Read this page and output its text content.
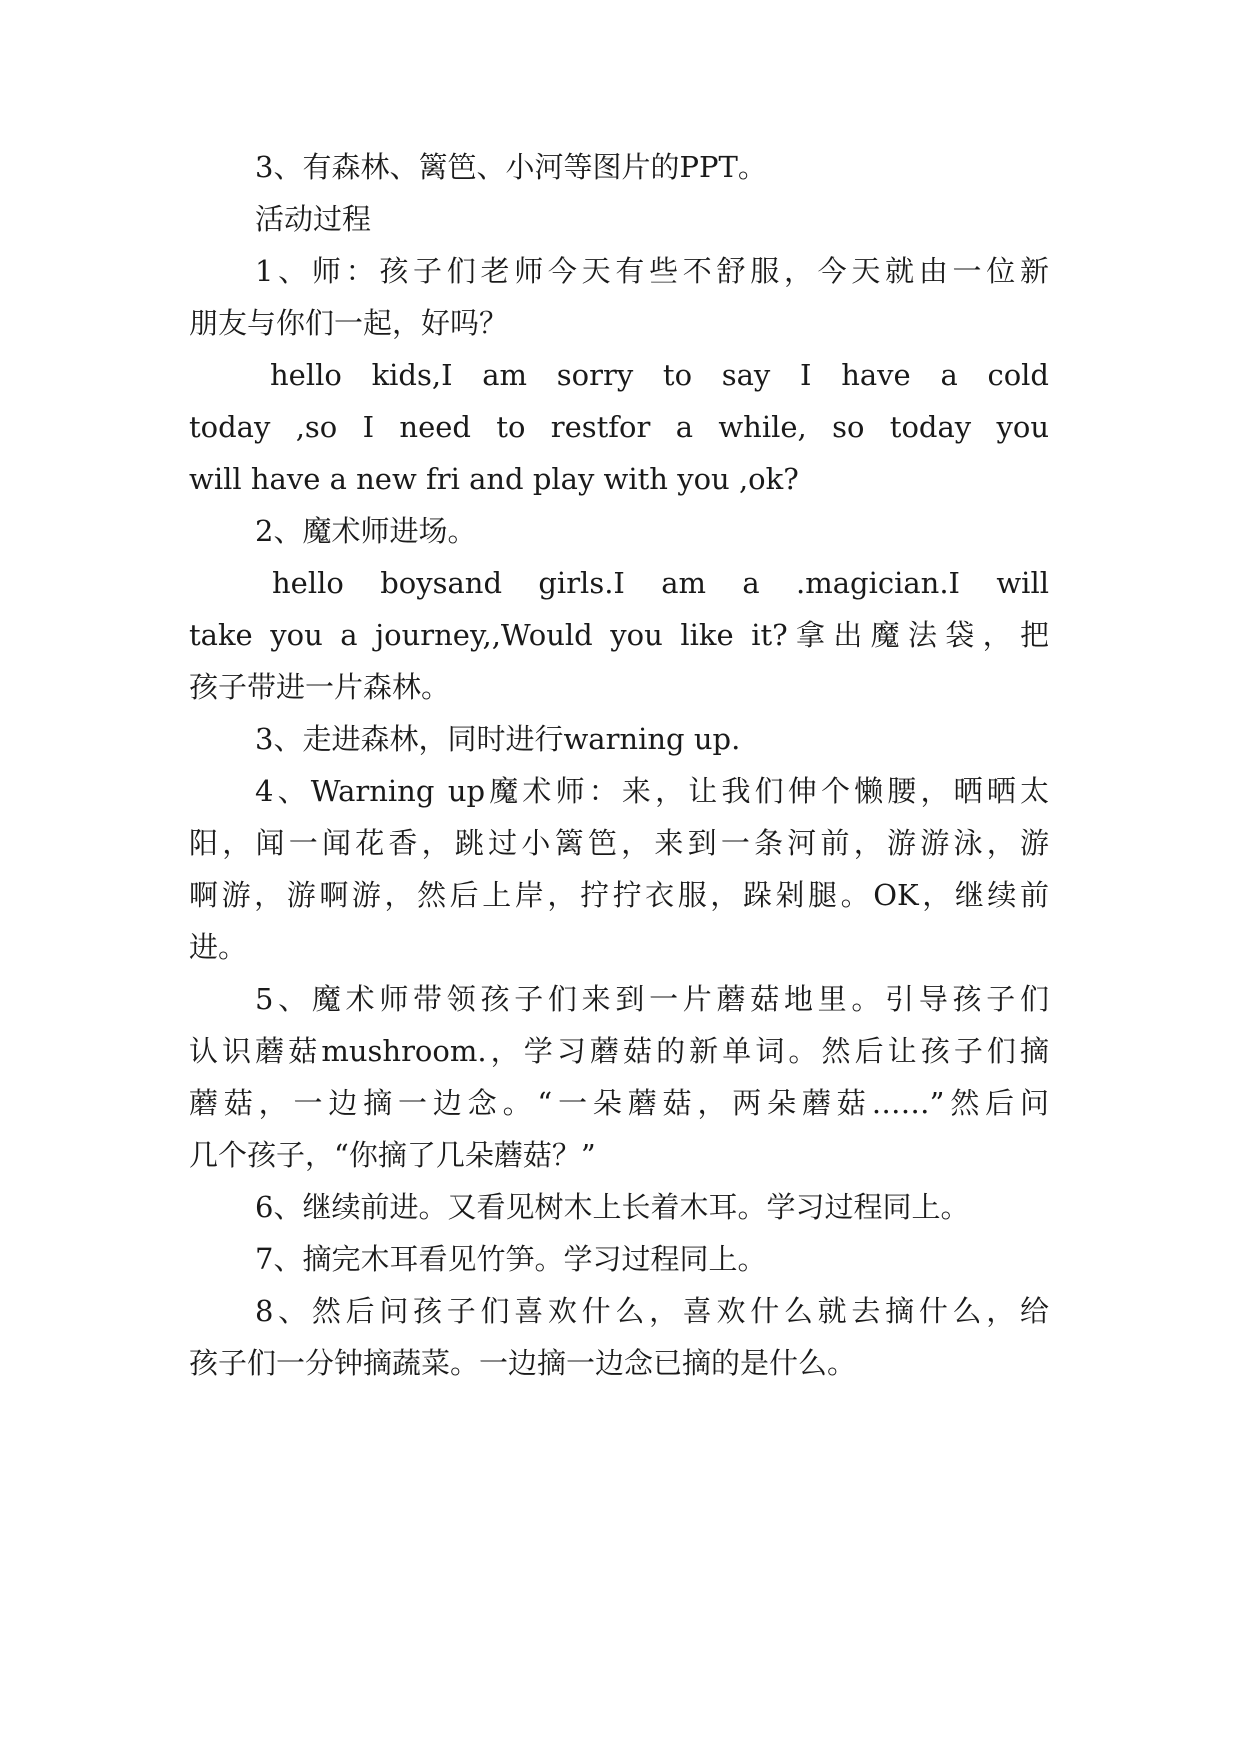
3、有森林、篱笆、小河等图片的PPT。
活动过程
1、师：孩子们老师今天有些不舒服，今天就由一位新
朋友与你们一起，好吗？
hello kids,I am sorry to say I have a cold
today ,so I need to restfor a while, so today you
will have a new fri and play with you ,ok?
2、魔术师进场。
hello boysand girls.I am a .magician.I will
take you a journey,,Would you like it?拿出魔法袋，把
孩子带进一片森林。
3、走进森林，同时进行warning up.
4、Warning up魔术师：来，让我们伸个懒腰，晒晒太
阳，闻一闻花香，跳过小篱笆，来到一条河前，游游泳，游
啊游，游啊游，然后上岸，拧拧衣服，跺剁腿。OK，继续前
进。
5、魔术师带领孩子们来到一片蘑菇地里。引导孩子们
认识蘑菇mushroom.，学习蘑菇的新单词。然后让孩子们摘
蘑菇，一边摘一边念。“一朵蘑菇，两朵蘑菇……”然后问
几个孩子，“你摘了几朵蘑菇？”
6、继续前进。又看见树木上长着木耳。学习过程同上。
7、摘完木耳看见竹笋。学习过程同上。
8、然后问孩子们喜欢什么，喜欢什么就去摘什么，给
孩子们一分钟摘蔬菜。一边摘一边念已摘的是什么。
